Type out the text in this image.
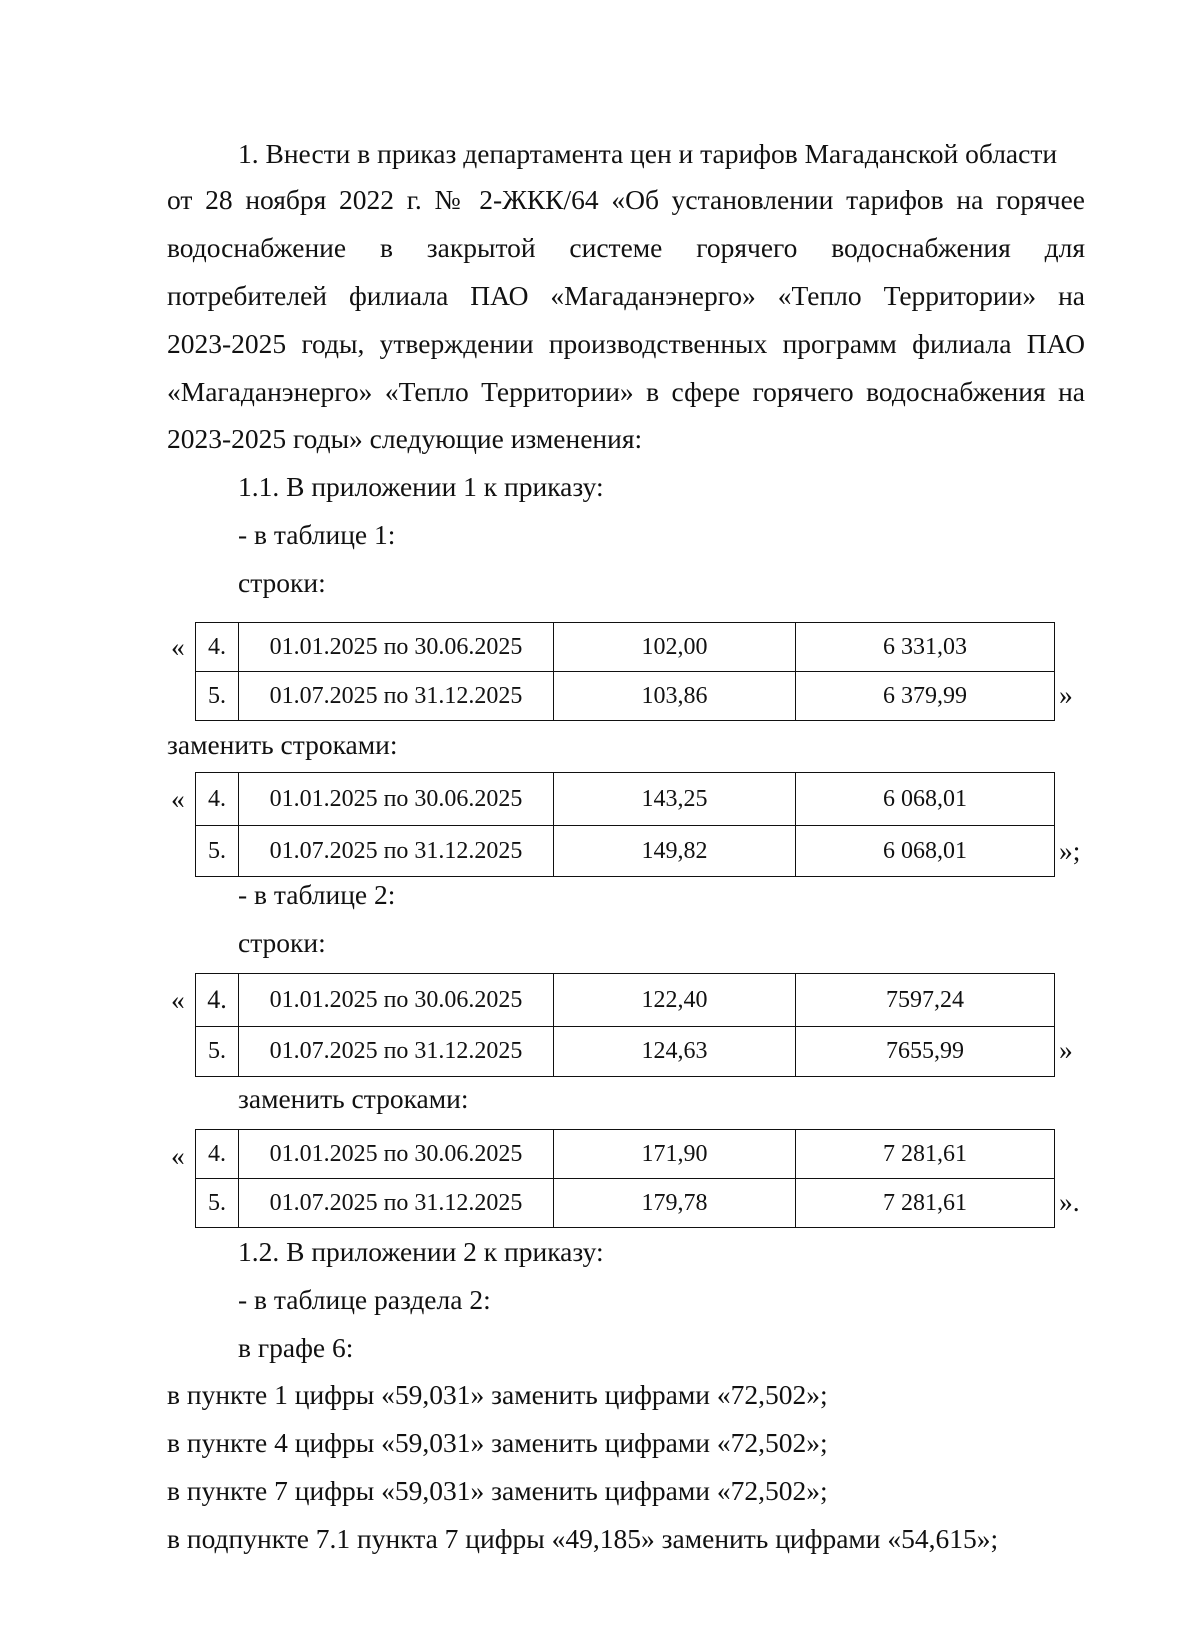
1. Внести в приказ департамента цен и тарифов Магаданской области
от 28 ноября 2022 г. № 2-ЖКК/64 «Об установлении тарифов на горячее
водоснабжение в закрытой системе горячего водоснабжения для
потребителей филиала ПАО «Магаданэнерго» «Тепло Территории» на
2023-2025 годы, утверждении производственных программ филиала ПАО
«Магаданэнерго» «Тепло Территории» в сфере горячего водоснабжения на
2023-2025 годы» следующие изменения:
1.1. В приложении 1 к приказу:
- в таблице 1:
строки:
« 4.	01.01.2025 по 30.06.2025	102,00	6 331,03
5.	01.07.2025 по 31.12.2025	103,86	6 379,99	»
заменить строками:
« 4.	01.01.2025 по 30.06.2025	143,25	6 068,01
5.	01.07.2025 по 31.12.2025	149,82	6 068,01	»;
- в таблице 2:
строки:
« 4.	01.01.2025 по 30.06.2025	122,40	7597,24
5.	01.07.2025 по 31.12.2025	124,63	7655,99	»
заменить строками:
« 4.	01.01.2025 по 30.06.2025	171,90	7 281,61
5.	01.07.2025 по 31.12.2025	179,78	7 281,61	».
1.2. В приложении 2 к приказу:
- в таблице раздела 2:
в графе 6:
в пункте 1 цифры «59,031» заменить цифрами «72,502»;
в пункте 4 цифры «59,031» заменить цифрами «72,502»;
в пункте 7 цифры «59,031» заменить цифрами «72,502»;
в подпункте 7.1 пункта 7 цифры «49,185» заменить цифрами «54,615»;
